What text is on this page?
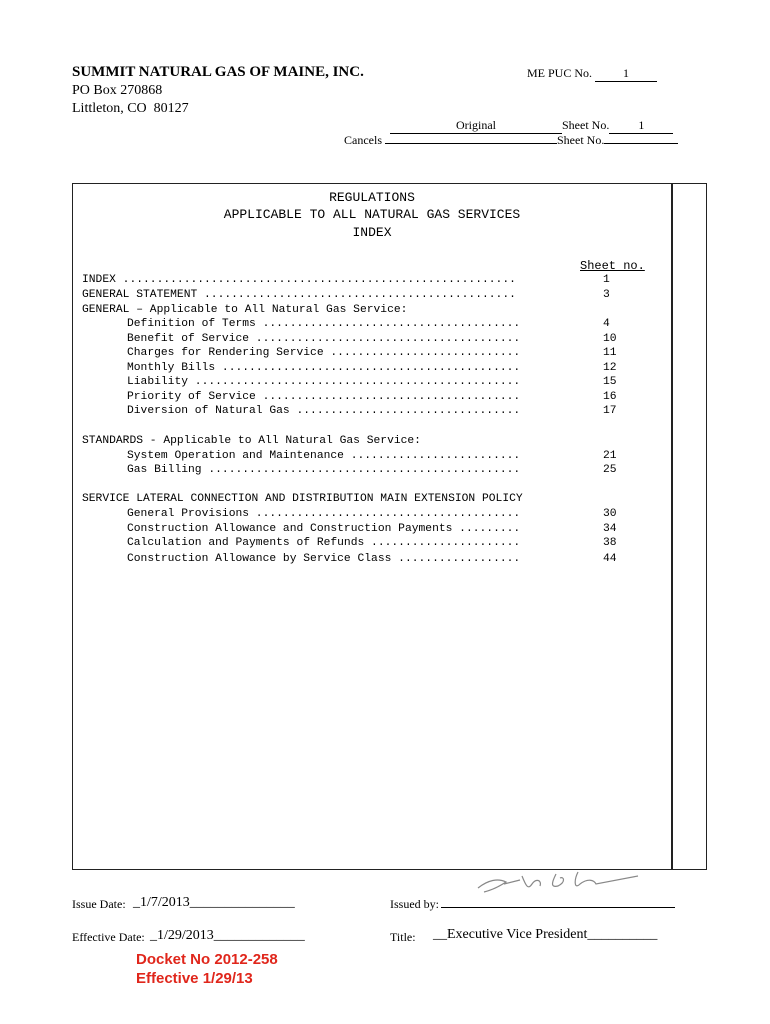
SUMMIT NATURAL GAS OF MAINE, INC.
PO Box 270868
Littleton, CO  80127
ME PUC No.	1
Original	Sheet No. 1
Cancels	Sheet No.
REGULATIONS
APPLICABLE TO ALL NATURAL GAS SERVICES
INDEX
Sheet no.
INDEX ..........................................................	1
GENERAL STATEMENT ..............................................	3
GENERAL – Applicable to All Natural Gas Service:
Definition of Terms ......................................	4
Benefit of Service .......................................	10
Charges for Rendering Service ............................	11
Monthly Bills ............................................	12
Liability ................................................	15
Priority of Service ......................................	16
Diversion of Natural Gas .................................	17
STANDARDS - Applicable to All Natural Gas Service:
System Operation and Maintenance .........................	21
Gas Billing ..............................................	25
SERVICE LATERAL CONNECTION AND DISTRIBUTION MAIN EXTENSION POLICY
General Provisions .......................................	30
Construction Allowance and Construction Payments .........	34
Calculation and Payments of Refunds ......................	38
Construction Allowance by Service Class ..................	44
Issue Date: _1/7/2013_______________
Effective Date: _1/29/2013_____________
Issued by:
Title: __Executive Vice President__________
Docket No 2012-258
Effective 1/29/13
